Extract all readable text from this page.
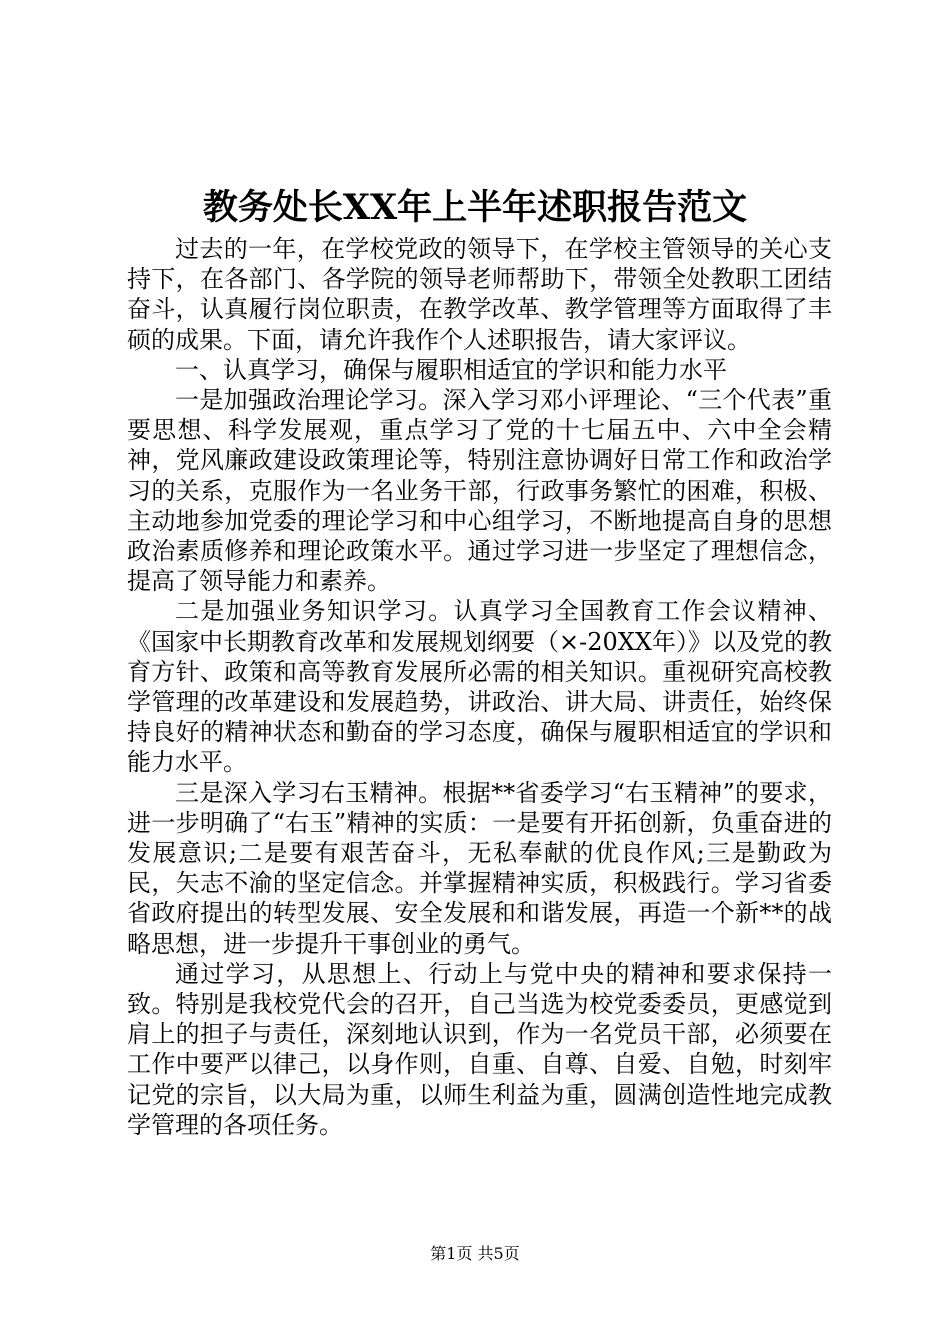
教务处长XX年上半年述职报告范文

过去的一年，在学校党政的领导下，在学校主管领导的关心支持下，在各部门、各学院的领导老师帮助下，带领全处教职工团结奋斗，认真履行岗位职责，在教学改革、教学管理等方面取得了丰硕的成果。下面，请允许我作个人述职报告，请大家评议。

一、认真学习，确保与履职相适宜的学识和能力水平

一是加强政治理论学习。深入学习邓小评理论、“三个代表”重要思想、科学发展观，重点学习了党的十七届五中、六中全会精神，党风廉政建设政策理论等，特别注意协调好日常工作和政治学习的关系，克服作为一名业务干部，行政事务繁忙的困难，积极、主动地参加党委的理论学习和中心组学习，不断地提高自身的思想政治素质修养和理论政策水平。通过学习进一步坚定了理想信念，提高了领导能力和素养。

二是加强业务知识学习。认真学习全国教育工作会议精神、《国家中长期教育改革和发展规划纲要（×-20XX年）》以及党的教育方针、政策和高等教育发展所必需的相关知识。重视研究高校教学管理的改革建设和发展趋势，讲政治、讲大局、讲责任，始终保持良好的精神状态和勤奋的学习态度，确保与履职相适宜的学识和能力水平。

三是深入学习右玉精神。根据**省委学习“右玉精神”的要求，进一步明确了“右玉”精神的实质：一是要有开拓创新，负重奋进的发展意识;二是要有艰苦奋斗，无私奉献的优良作风;三是勤政为民，矢志不渝的坚定信念。并掌握精神实质，积极践行。学习省委省政府提出的转型发展、安全发展和和谐发展，再造一个新**的战略思想，进一步提升干事创业的勇气。

通过学习，从思想上、行动上与党中央的精神和要求保持一致。特别是我校党代会的召开，自己当选为校党委委员，更感觉到肩上的担子与责任，深刻地认识到，作为一名党员干部，必须要在工作中要严以律己，以身作则，自重、自尊、自爱、自勉，时刻牢记党的宗旨，以大局为重，以师生利益为重，圆满创造性地完成教学管理的各项任务。

第1页 共5页
